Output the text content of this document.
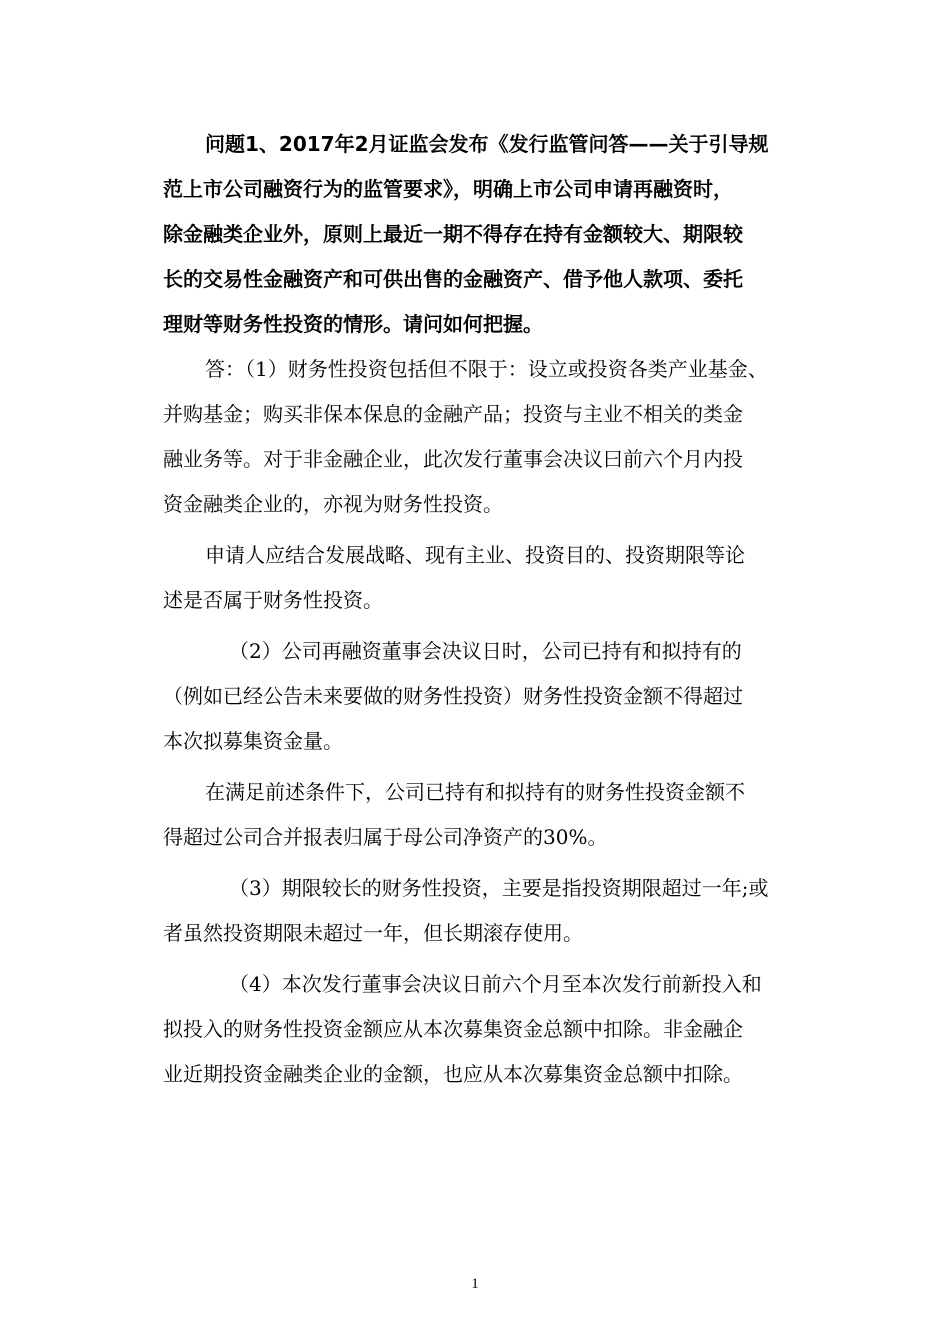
问题1、2017年2月证监会发布《发行监管问答——关于引导规
范上市公司融资行为的监管要求》，明确上市公司申请再融资时，
除金融类企业外，原则上最近一期不得存在持有金额较大、期限较
长的交易性金融资产和可供出售的金融资产、借予他人款项、委托
理财等财务性投资的情形。请问如何把握。
答：（1）财务性投资包括但不限于：设立或投资各类产业基金、
并购基金；购买非保本保息的金融产品；投资与主业不相关的类金
融业务等。对于非金融企业，此次发行董事会决议曰前六个月内投
资金融类企业的，亦视为财务性投资。
申请人应结合发展战略、现有主业、投资目的、投资期限等论
述是否属于财务性投资。
（2）公司再融资董事会决议日时，公司已持有和拟持有的
（例如已经公告未来要做的财务性投资）财务性投资金额不得超过
本次拟募集资金量。
在满足前述条件下，公司已持有和拟持有的财务性投资金额不
得超过公司合并报表归属于母公司净资产的30%。
（3）期限较长的财务性投资，主要是指投资期限超过一年;或
者虽然投资期限未超过一年，但长期滚存使用。
（4）本次发行董事会决议日前六个月至本次发行前新投入和
拟投入的财务性投资金额应从本次募集资金总额中扣除。非金融企
业近期投资金融类企业的金额，也应从本次募集资金总额中扣除。
1
